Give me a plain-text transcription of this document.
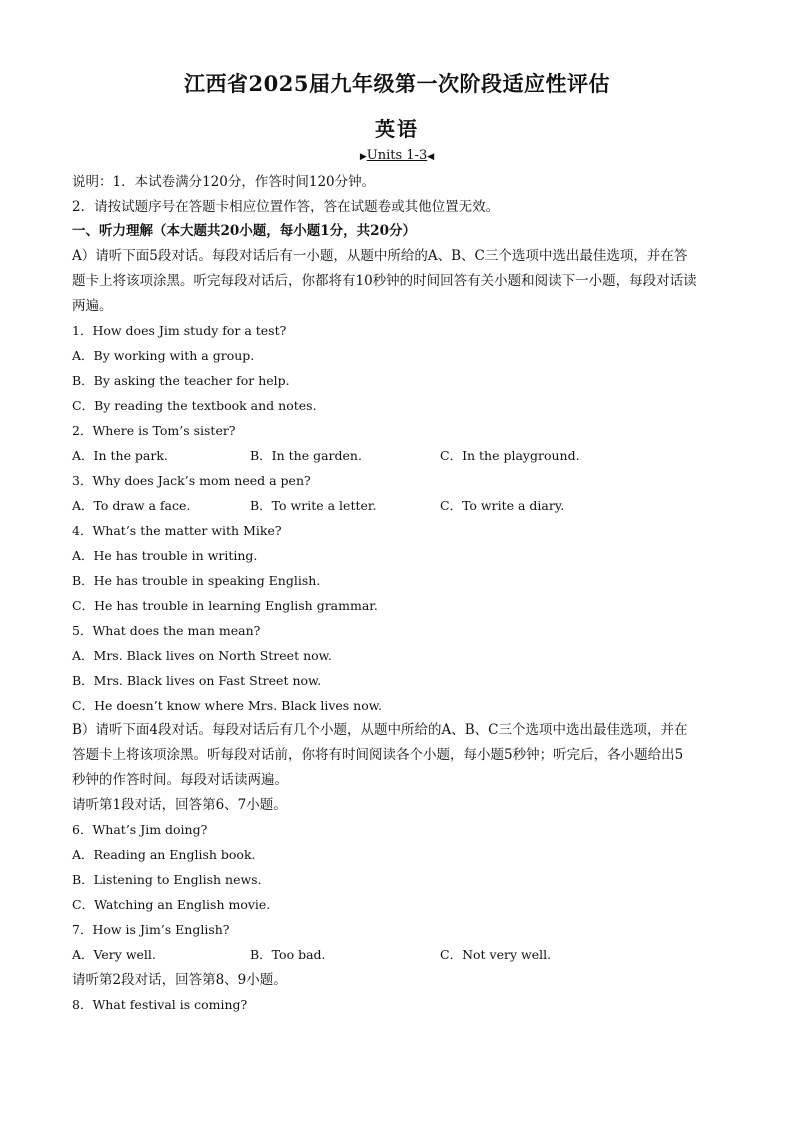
江西省2025届九年级第一次阶段适应性评估
英语
▶Units 1-3◀
说明：1．本试卷满分120分，作答时间120分钟。
2．请按试题序号在答题卡相应位置作答，答在试题卷或其他位置无效。
一、听力理解（本大题共20小题，每小题1分，共20分）
A）请听下面5段对话。每段对话后有一小题，从题中所给的A、B、C三个选项中选出最佳选项，并在答
题卡上将该项涂黑。听完每段对话后，你都将有10秒钟的时间回答有关小题和阅读下一小题，每段对话读
两遍。
1．How does Jim study for a test?
A．By working with a group.
B．By asking the teacher for help.
C．By reading the textbook and notes.
2．Where is Tom’s sister?
A．In the park.	B．In the garden.	C．In the playground.
3．Why does Jack’s mom need a pen?
A．To draw a face.	B．To write a letter.	C．To write a diary.
4．What’s the matter with Mike?
A．He has trouble in writing.
B．He has trouble in speaking English.
C．He has trouble in learning English grammar.
5．What does the man mean?
A．Mrs. Black lives on North Street now.
B．Mrs. Black lives on Fast Street now.
C．He doesn’t know where Mrs. Black lives now.
B）请听下面4段对话。每段对话后有几个小题，从题中所给的A、B、C三个选项中选出最佳选项，并在
答题卡上将该项涂黑。听每段对话前，你将有时间阅读各个小题，每小题5秒钟；听完后，各小题给出5
秒钟的作答时间。每段对话读两遍。
请听第1段对话，回答第6、7小题。
6．What’s Jim doing?
A．Reading an English book.
B．Listening to English news.
C．Watching an English movie.
7．How is Jim’s English?
A．Very well.	B．Too bad.	C．Not very well.
请听第2段对话，回答第8、9小题。
8．What festival is coming?
